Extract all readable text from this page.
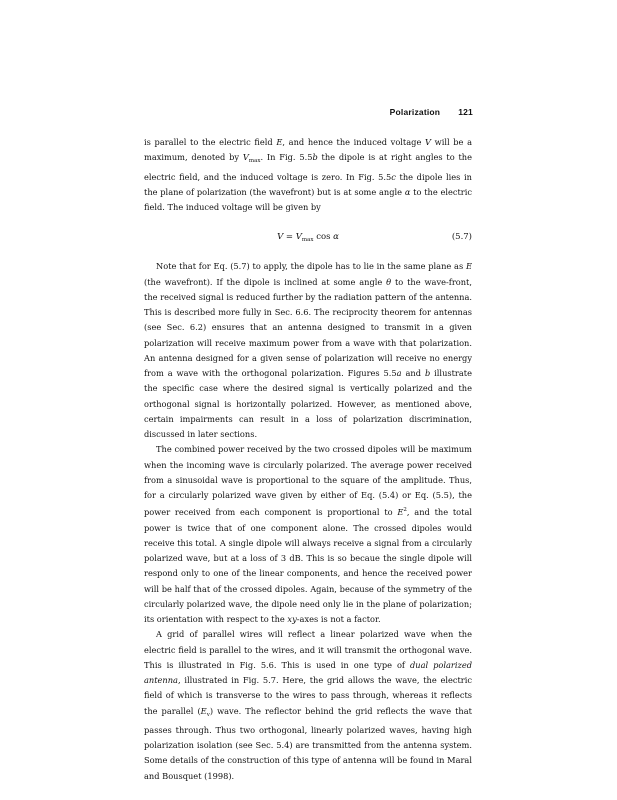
Polarization 121

is parallel to the electric field E, and hence the induced voltage V will be a maximum, denoted by $V_{max}$. In Fig. 5.5b the dipole is at right angles to the electric field, and the induced voltage is zero. In Fig. 5.5c the dipole lies in the plane of polarization (the wavefront) but is at some angle α to the electric field. The induced voltage will be given by

$V = V_{max}$ cos α	(5.7)

Note that for Eq. (5.7) to apply, the dipole has to lie in the same plane as E (the wavefront). If the dipole is inclined at some angle θ to the wave-front, the received signal is reduced further by the radiation pattern of the antenna. This is described more fully in Sec. 6.6. The reciprocity theorem for antennas (see Sec. 6.2) ensures that an antenna designed to transmit in a given polarization will receive maximum power from a wave with that polarization. An antenna designed for a given sense of polarization will receive no energy from a wave with the orthogonal polarization. Figures 5.5a and b illustrate the specific case where the desired signal is vertically polarized and the orthogonal signal is horizontally polarized. However, as mentioned above, certain impairments can result in a loss of polarization discrimination, discussed in later sections.

The combined power received by the two crossed dipoles will be maximum when the incoming wave is circularly polarized. The average power received from a sinusoidal wave is proportional to the square of the amplitude. Thus, for a circularly polarized wave given by either of Eq. (5.4) or Eq. (5.5), the power received from each component is proportional to $E^2$, and the total power is twice that of one component alone. The crossed dipoles would receive this total. A single dipole will always receive a signal from a circularly polarized wave, but at a loss of 3 dB. This is so becaue the single dipole will respond only to one of the linear components, and hence the received power will be half that of the crossed dipoles. Again, because of the symmetry of the circularly polarized wave, the dipole need only lie in the plane of polarization; its orientation with respect to the xy-axes is not a factor.

A grid of parallel wires will reflect a linear polarized wave when the electric field is parallel to the wires, and it will transmit the orthogonal wave. This is illustrated in Fig. 5.6. This is used in one type of dual polarized antenna, illustrated in Fig. 5.7. Here, the grid allows the wave, the electric field of which is transverse to the wires to pass through, whereas it reflects the parallel $(E_v)$ wave. The reflector behind the grid reflects the wave that passes through. Thus two orthogonal, linearly polarized waves, having high polarization isolation (see Sec. 5.4) are transmitted from the antenna system. Some details of the construction of this type of antenna will be found in Maral and Bousquet (1998).
